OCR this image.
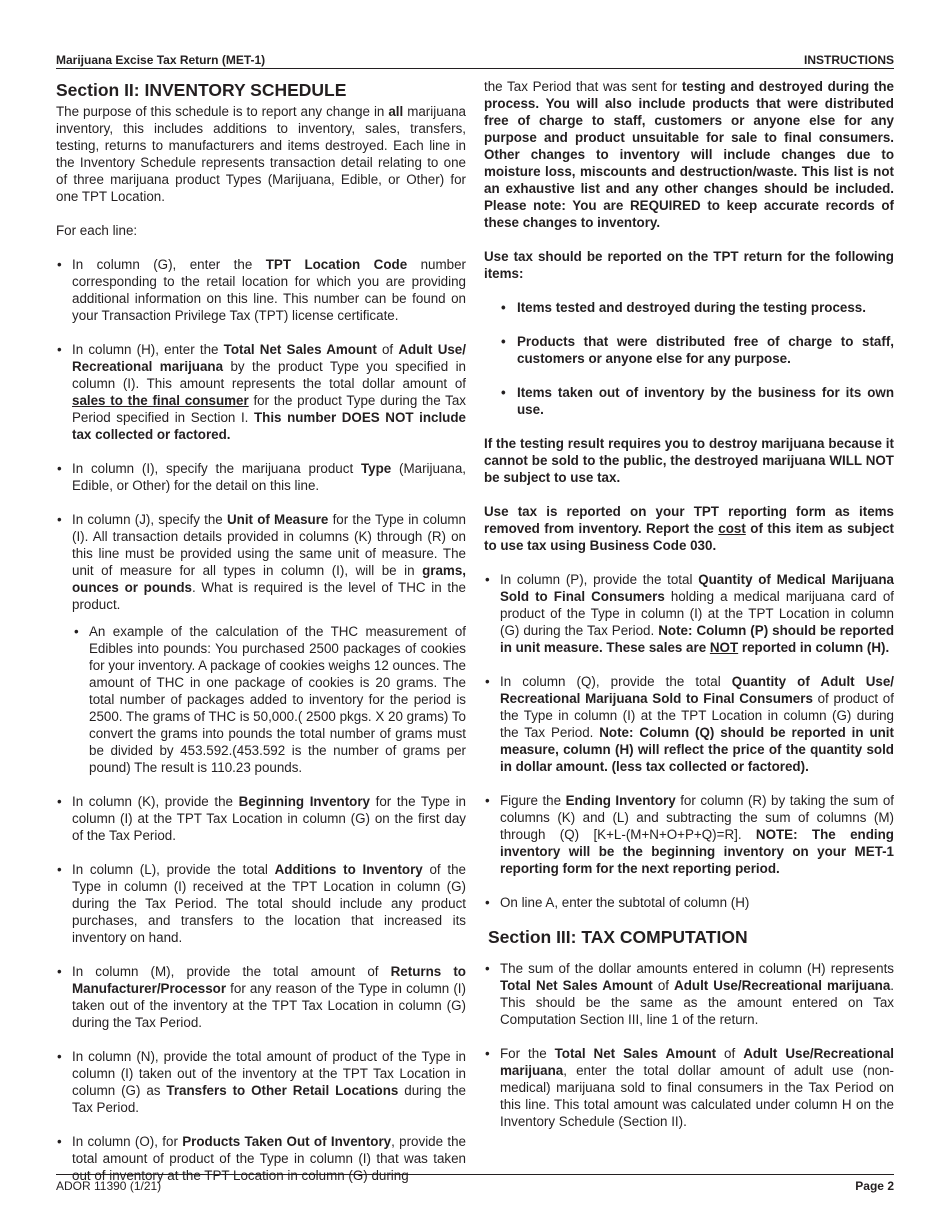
Marijuana Excise Tax Return (MET-1)	INSTRUCTIONS
Section II: INVENTORY SCHEDULE

The purpose of this schedule is to report any change in all marijuana inventory, this includes additions to inventory, sales, transfers, testing, returns to manufacturers and items destroyed. Each line in the Inventory Schedule represents transaction detail relating to one of three marijuana product Types (Marijuana, Edible, or Other) for one TPT Location.

For each line:

• In column (G), enter the TPT Location Code number corresponding to the retail location for which you are providing additional information on this line. This number can be found on your Transaction Privilege Tax (TPT) license certificate.

• In column (H), enter the Total Net Sales Amount of Adult Use/ Recreational marijuana by the product Type you specified in column (I). This amount represents the total dollar amount of sales to the final consumer for the product Type during the Tax Period specified in Section I. This number DOES NOT include tax collected or factored.

• In column (I), specify the marijuana product Type (Marijuana, Edible, or Other) for the detail on this line.

• In column (J), specify the Unit of Measure for the Type in column (I). All transaction details provided in columns (K) through (R) on this line must be provided using the same unit of measure. The unit of measure for all types in column (I), will be in grams, ounces or pounds. What is required is the level of THC in the product.

• An example of the calculation of the THC measurement of Edibles into pounds: You purchased 2500 packages of cookies for your inventory. A package of cookies weighs 12 ounces. The amount of THC in one package of cookies is 20 grams. The total number of packages added to inventory for the period is 2500. The grams of THC is 50,000.( 2500 pkgs. X 20 grams) To convert the grams into pounds the total number of grams must be divided by 453.592.(453.592 is the number of grams per pound) The result is 110.23 pounds.

• In column (K), provide the Beginning Inventory for the Type in column (I) at the TPT Tax Location in column (G) on the first day of the Tax Period.

• In column (L), provide the total Additions to Inventory of the Type in column (I) received at the TPT Location in column (G) during the Tax Period. The total should include any product purchases, and transfers to the location that increased its inventory on hand.

• In column (M), provide the total amount of Returns to Manufacturer/Processor for any reason of the Type in column (I) taken out of the inventory at the TPT Tax Location in column (G) during the Tax Period.

• In column (N), provide the total amount of product of the Type in column (I) taken out of the inventory at the TPT Tax Location in column (G) as Transfers to Other Retail Locations during the Tax Period.

• In column (O), for Products Taken Out of Inventory, provide the total amount of product of the Type in column (I) that was taken out of inventory at the TPT Location in column (G) during

the Tax Period that was sent for testing and destroyed during the process. You will also include products that were distributed free of charge to staff, customers or anyone else for any purpose and product unsuitable for sale to final consumers. Other changes to inventory will include changes due to moisture loss, miscounts and destruction/waste. This list is not an exhaustive list and any other changes should be included. Please note: You are REQUIRED to keep accurate records of these changes to inventory.

Use tax should be reported on the TPT return for the following items:

• Items tested and destroyed during the testing process.

• Products that were distributed free of charge to staff, customers or anyone else for any purpose.

• Items taken out of inventory by the business for its own use.

If the testing result requires you to destroy marijuana because it cannot be sold to the public, the destroyed marijuana WILL NOT be subject to use tax.

Use tax is reported on your TPT reporting form as items removed from inventory. Report the cost of this item as subject to use tax using Business Code 030.

• In column (P), provide the total Quantity of Medical Marijuana Sold to Final Consumers holding a medical marijuana card of product of the Type in column (I) at the TPT Location in column (G) during the Tax Period. Note: Column (P) should be reported in unit measure. These sales are NOT reported in column (H).

• In column (Q), provide the total Quantity of Adult Use/ Recreational Marijuana Sold to Final Consumers of product of the Type in column (I) at the TPT Location in column (G) during the Tax Period. Note: Column (Q) should be reported in unit measure, column (H) will reflect the price of the quantity sold in dollar amount. (less tax collected or factored).

• Figure the Ending Inventory for column (R) by taking the sum of columns (K) and (L) and subtracting the sum of columns (M) through (Q) [K+L-(M+N+O+P+Q)=R]. NOTE: The ending inventory will be the beginning inventory on your MET-1 reporting form for the next reporting period.

• On line A, enter the subtotal of column (H)

Section III: TAX COMPUTATION

• The sum of the dollar amounts entered in column (H) represents Total Net Sales Amount of Adult Use/Recreational marijuana. This should be the same as the amount entered on Tax Computation Section III, line 1 of the return.

• For the Total Net Sales Amount of Adult Use/Recreational marijuana, enter the total dollar amount of adult use (non-medical) marijuana sold to final consumers in the Tax Period on this line. This total amount was calculated under column H on the Inventory Schedule (Section II).

ADOR 11390 (1/21)	Page 2
